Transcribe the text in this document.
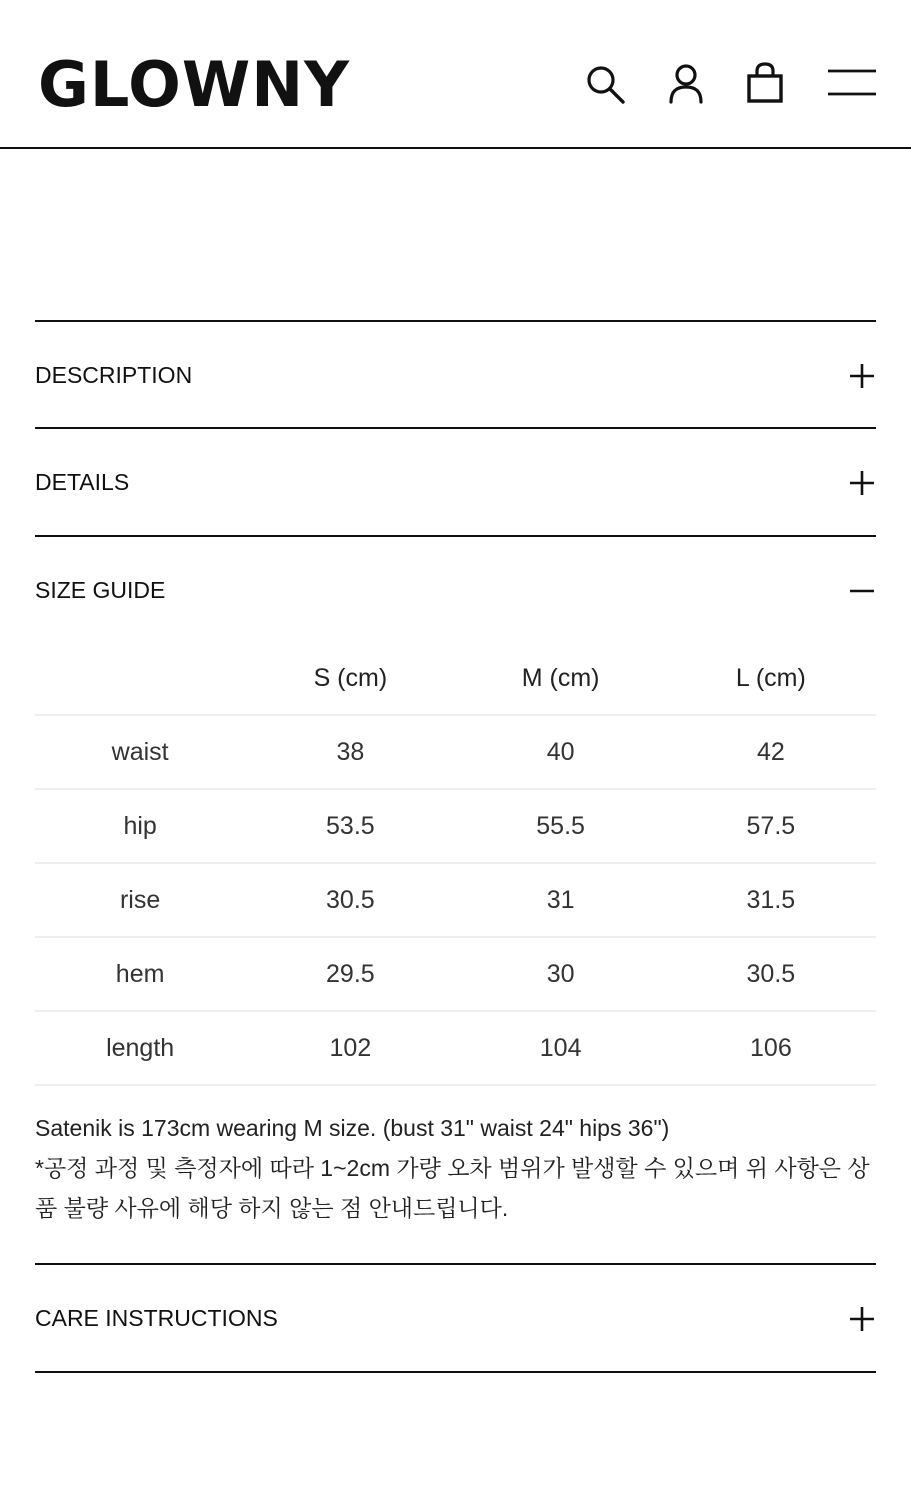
GLOWNY
DESCRIPTION
DETAILS
SIZE GUIDE
	S (cm)	M (cm)	L (cm)
waist	38	40	42
hip	53.5	55.5	57.5
rise	30.5	31	31.5
hem	29.5	30	30.5
length	102	104	106

Satenik is 173cm wearing M size. (bust 31" waist 24" hips 36")

*공정 과정 및 측정자에 따라 1~2cm 가량 오차 범위가 발생할 수 있으며 위 사항은 상품 불량 사유에 해당 하지 않는 점 안내드립니다.

CARE INSTRUCTIONS
